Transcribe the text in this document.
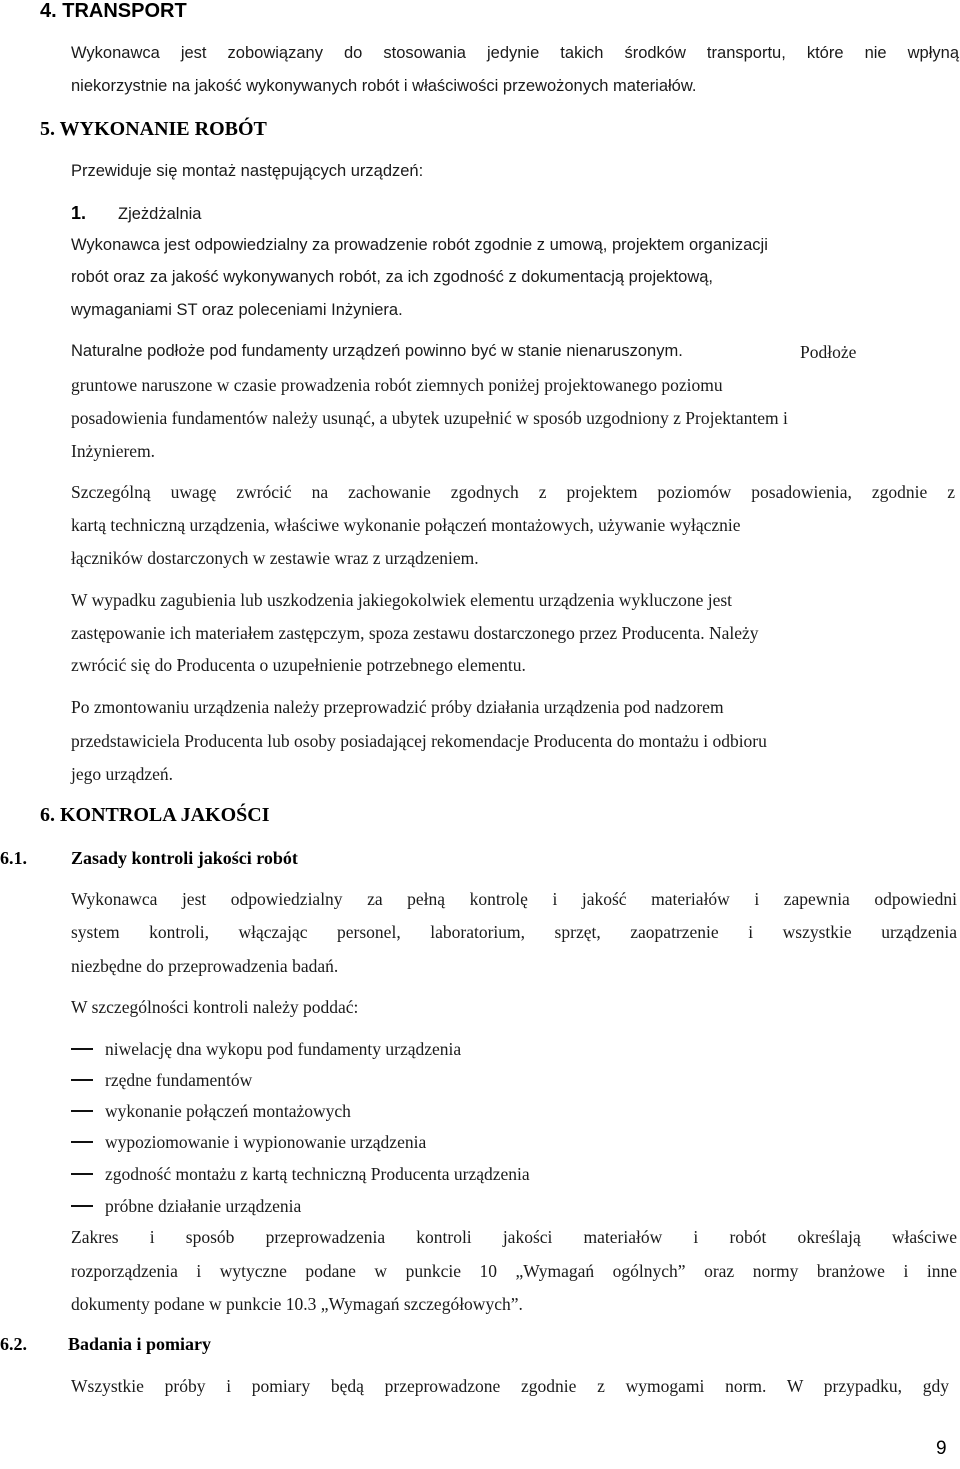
4. TRANSPORT
Wykonawca jest zobowiązany do stosowania jedynie takich środków transportu, które nie wpłyną
niekorzystnie na jakość wykonywanych robót i właściwości przewożonych materiałów.
5. WYKONANIE ROBÓT
Przewiduje się montaż następujących urządzeń:
1. Zjeżdżalnia
Wykonawca jest odpowiedzialny za prowadzenie robót zgodnie z umową, projektem organizacji
robót oraz za jakość wykonywanych robót, za ich zgodność z dokumentacją projektową,
wymaganiami ST oraz poleceniami Inżyniera.
Naturalne podłoże pod fundamenty urządzeń powinno być w stanie nienaruszonym.	Podłoże
gruntowe naruszone w czasie prowadzenia robót ziemnych poniżej projektowanego poziomu
posadowienia fundamentów należy usunąć, a ubytek uzupełnić w sposób uzgodniony z Projektantem i
Inżynierem.
Szczególną uwagę zwrócić na zachowanie zgodnych z projektem poziomów posadowienia, zgodnie z
kartą techniczną urządzenia, właściwe wykonanie połączeń montażowych, używanie wyłącznie
łączników dostarczonych w zestawie wraz z urządzeniem.
W wypadku zagubienia lub uszkodzenia jakiegokolwiek elementu urządzenia wykluczone jest
zastępowanie ich materiałem zastępczym, spoza zestawu dostarczonego przez Producenta. Należy
zwrócić się do Producenta o uzupełnienie potrzebnego elementu.
Po zmontowaniu urządzenia należy przeprowadzić próby działania urządzenia pod nadzorem
przedstawiciela Producenta lub osoby posiadającej rekomendacje Producenta do montażu i odbioru
jego urządzeń.
6. KONTROLA JAKOŚCI
6.1. Zasady kontroli jakości robót
Wykonawca jest odpowiedzialny za pełną kontrolę i jakość materiałów i zapewnia odpowiedni
system kontroli, włączając personel, laboratorium, sprzęt, zaopatrzenie i wszystkie urządzenia
niezbędne do przeprowadzenia badań.
W szczególności kontroli należy poddać:
niwelację dna wykopu pod fundamenty urządzenia
rzędne fundamentów
wykonanie połączeń montażowych
wypoziomowanie i wypionowanie urządzenia
zgodność montażu z kartą techniczną Producenta urządzenia
próbne działanie urządzenia
Zakres i sposób przeprowadzenia kontroli jakości materiałów i robót określają właściwe
rozporządzenia i wytyczne podane w punkcie 10 „Wymagań ogólnych” oraz normy branżowe i inne
dokumenty podane w punkcie 10.3 „Wymagań szczegółowych”.
6.2. Badania i pomiary
Wszystkie próby i pomiary będą przeprowadzone zgodnie z wymogami norm. W przypadku, gdy
9
